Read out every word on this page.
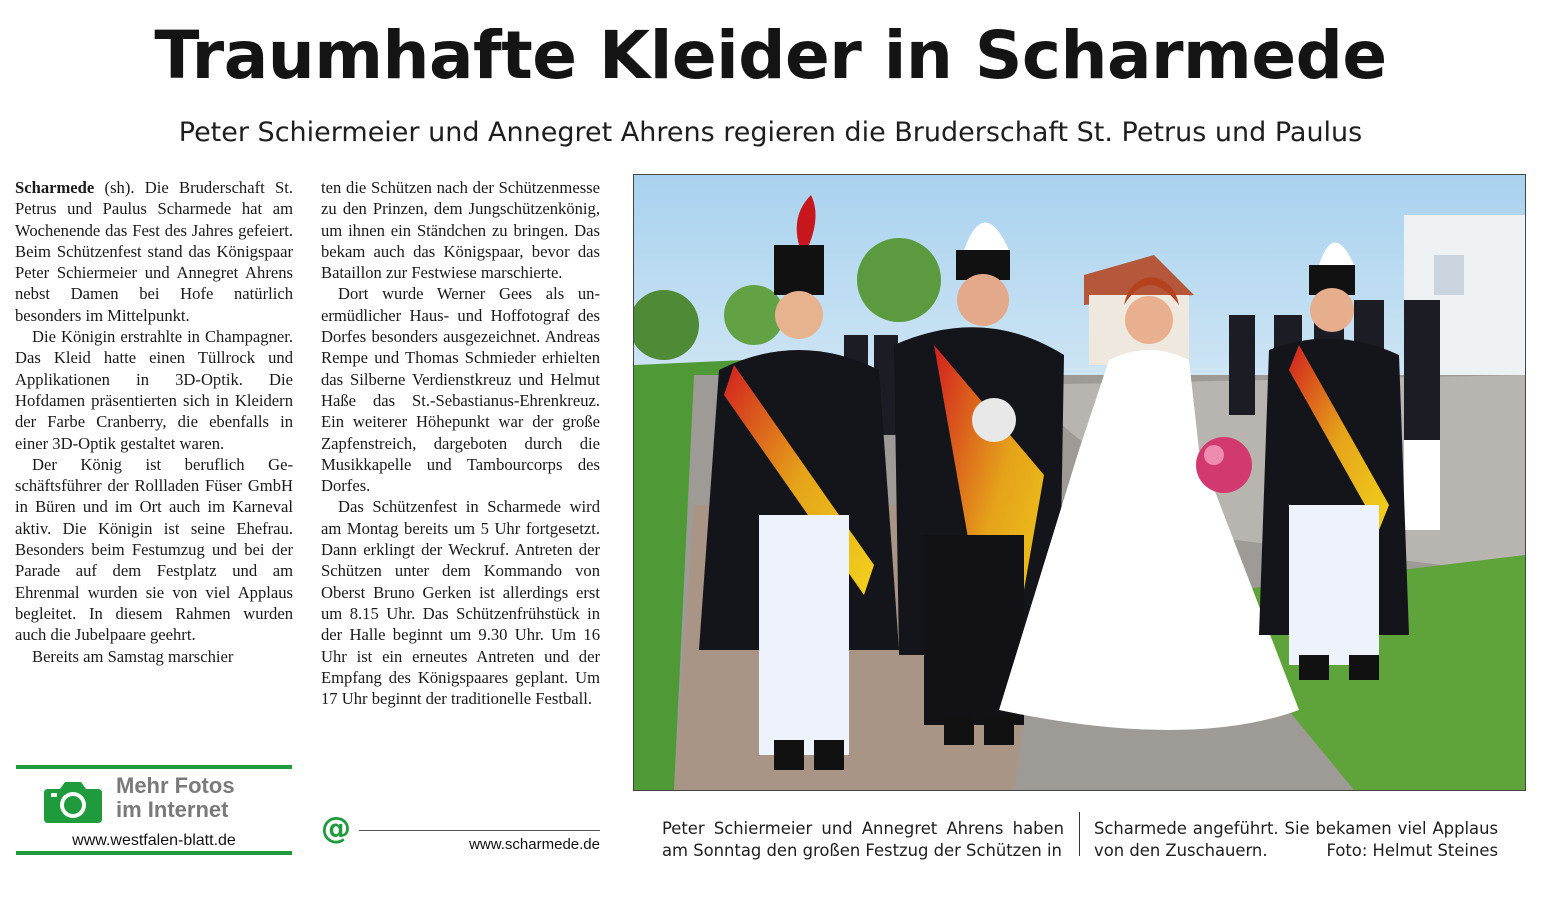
Traumhafte Kleider in Scharmede
Peter Schiermeier und Annegret Ahrens regieren die Bruderschaft St. Petrus und Paulus

Scharmede (sh). Die Bruderschaft St. Petrus und Paulus Scharmede hat am Wochenende das Fest des Jahres gefeiert. Beim Schützenfest stand das Königspaar Peter Schiermeier und Annegret Ahrens nebst Damen bei Hofe natürlich besonders im Mittelpunkt.

Die Königin erstrahlte in Champagner. Das Kleid hatte einen Tüllrock und Applikationen in 3D-Optik. Die Hofdamen präsentierten sich in Kleidern der Farbe Cranberry, die ebenfalls in einer 3D-Optik gestaltet waren.

Der König ist beruflich Geschäftsführer der Rollladen Füser GmbH in Büren und im Ort auch im Karneval aktiv. Die Königin ist seine Ehefrau. Besonders beim Festumzug und bei der Parade auf dem Festplatz und am Ehrenmal wurden sie von viel Applaus begleitet. In diesem Rahmen wurden auch die Jubelpaare geehrt.

Bereits am Samstag marschier

ten die Schützen nach der Schützenmesse zu den Prinzen, dem Jungschützenkönig, um ihnen ein Ständchen zu bringen. Das bekam auch das Königspaar, bevor das Bataillon zur Festwiese marschierte.

Dort wurde Werner Gees als unermüdlicher Haus- und Hoffotograf des Dorfes besonders ausgezeichnet. Andreas Rempe und Thomas Schmieder erhielten das Silberne Verdienstkreuz und Helmut Haße das St.-Sebastianus-Ehrenkreuz. Ein weiterer Höhepunkt war der große Zapfenstreich, dargeboten durch die Musikkapelle und Tambourcorps des Dorfes.

Das Schützenfest in Scharmede wird am Montag bereits um 5 Uhr fortgesetzt. Dann erklingt der Weckruf. Antreten der Schützen unter dem Kommando von Oberst Bruno Gerken ist allerdings erst um 8.15 Uhr. Das Schützenfrühstück in der Halle beginnt um 9.30 Uhr. Um 16 Uhr ist ein erneutes Antreten und der Empfang des Königspaares geplant. Um 17 Uhr beginnt der traditionelle Festball.

Mehr Fotos
im Internet
www.westfalen-blatt.de	@	www.scharmede.de
Peter Schiermeier und Annegret Ahrens haben am Sonntag den großen Festzug der Schützen in
Scharmede angeführt. Sie bekamen viel Applaus von den Zuschauern.	Foto: Helmut Steines
